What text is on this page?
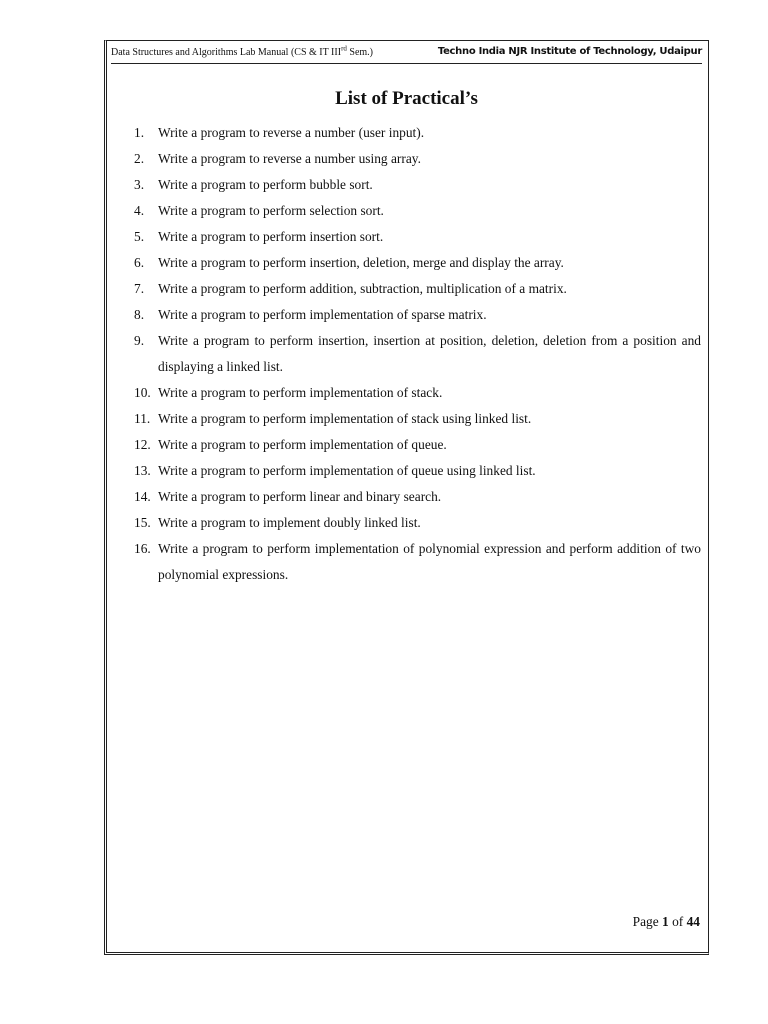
Data Structures and Algorithms Lab Manual (CS & IT IIIrd Sem.)	Techno India NJR Institute of Technology, Udaipur
List of Practical’s
1.	Write a program to reverse a number (user input).
2.	Write a program to reverse a number using array.
3.	Write a program to perform bubble sort.
4.	Write a program to perform selection sort.
5.	Write a program to perform insertion sort.
6.	Write a program to perform insertion, deletion, merge and display the array.
7.	Write a program to perform addition, subtraction, multiplication of a matrix.
8.	Write a program to perform implementation of sparse matrix.
9.	Write a program to perform insertion, insertion at position, deletion, deletion from a position and displaying a linked list.
10. Write a program to perform implementation of stack.
11. Write a program to perform implementation of stack using linked list.
12. Write a program to perform implementation of queue.
13. Write a program to perform implementation of queue using linked list.
14. Write a program to perform linear and binary search.
15. Write a program to implement doubly linked list.
16. Write a program to perform implementation of polynomial expression and perform addition of two polynomial expressions.
Page 1 of 44
